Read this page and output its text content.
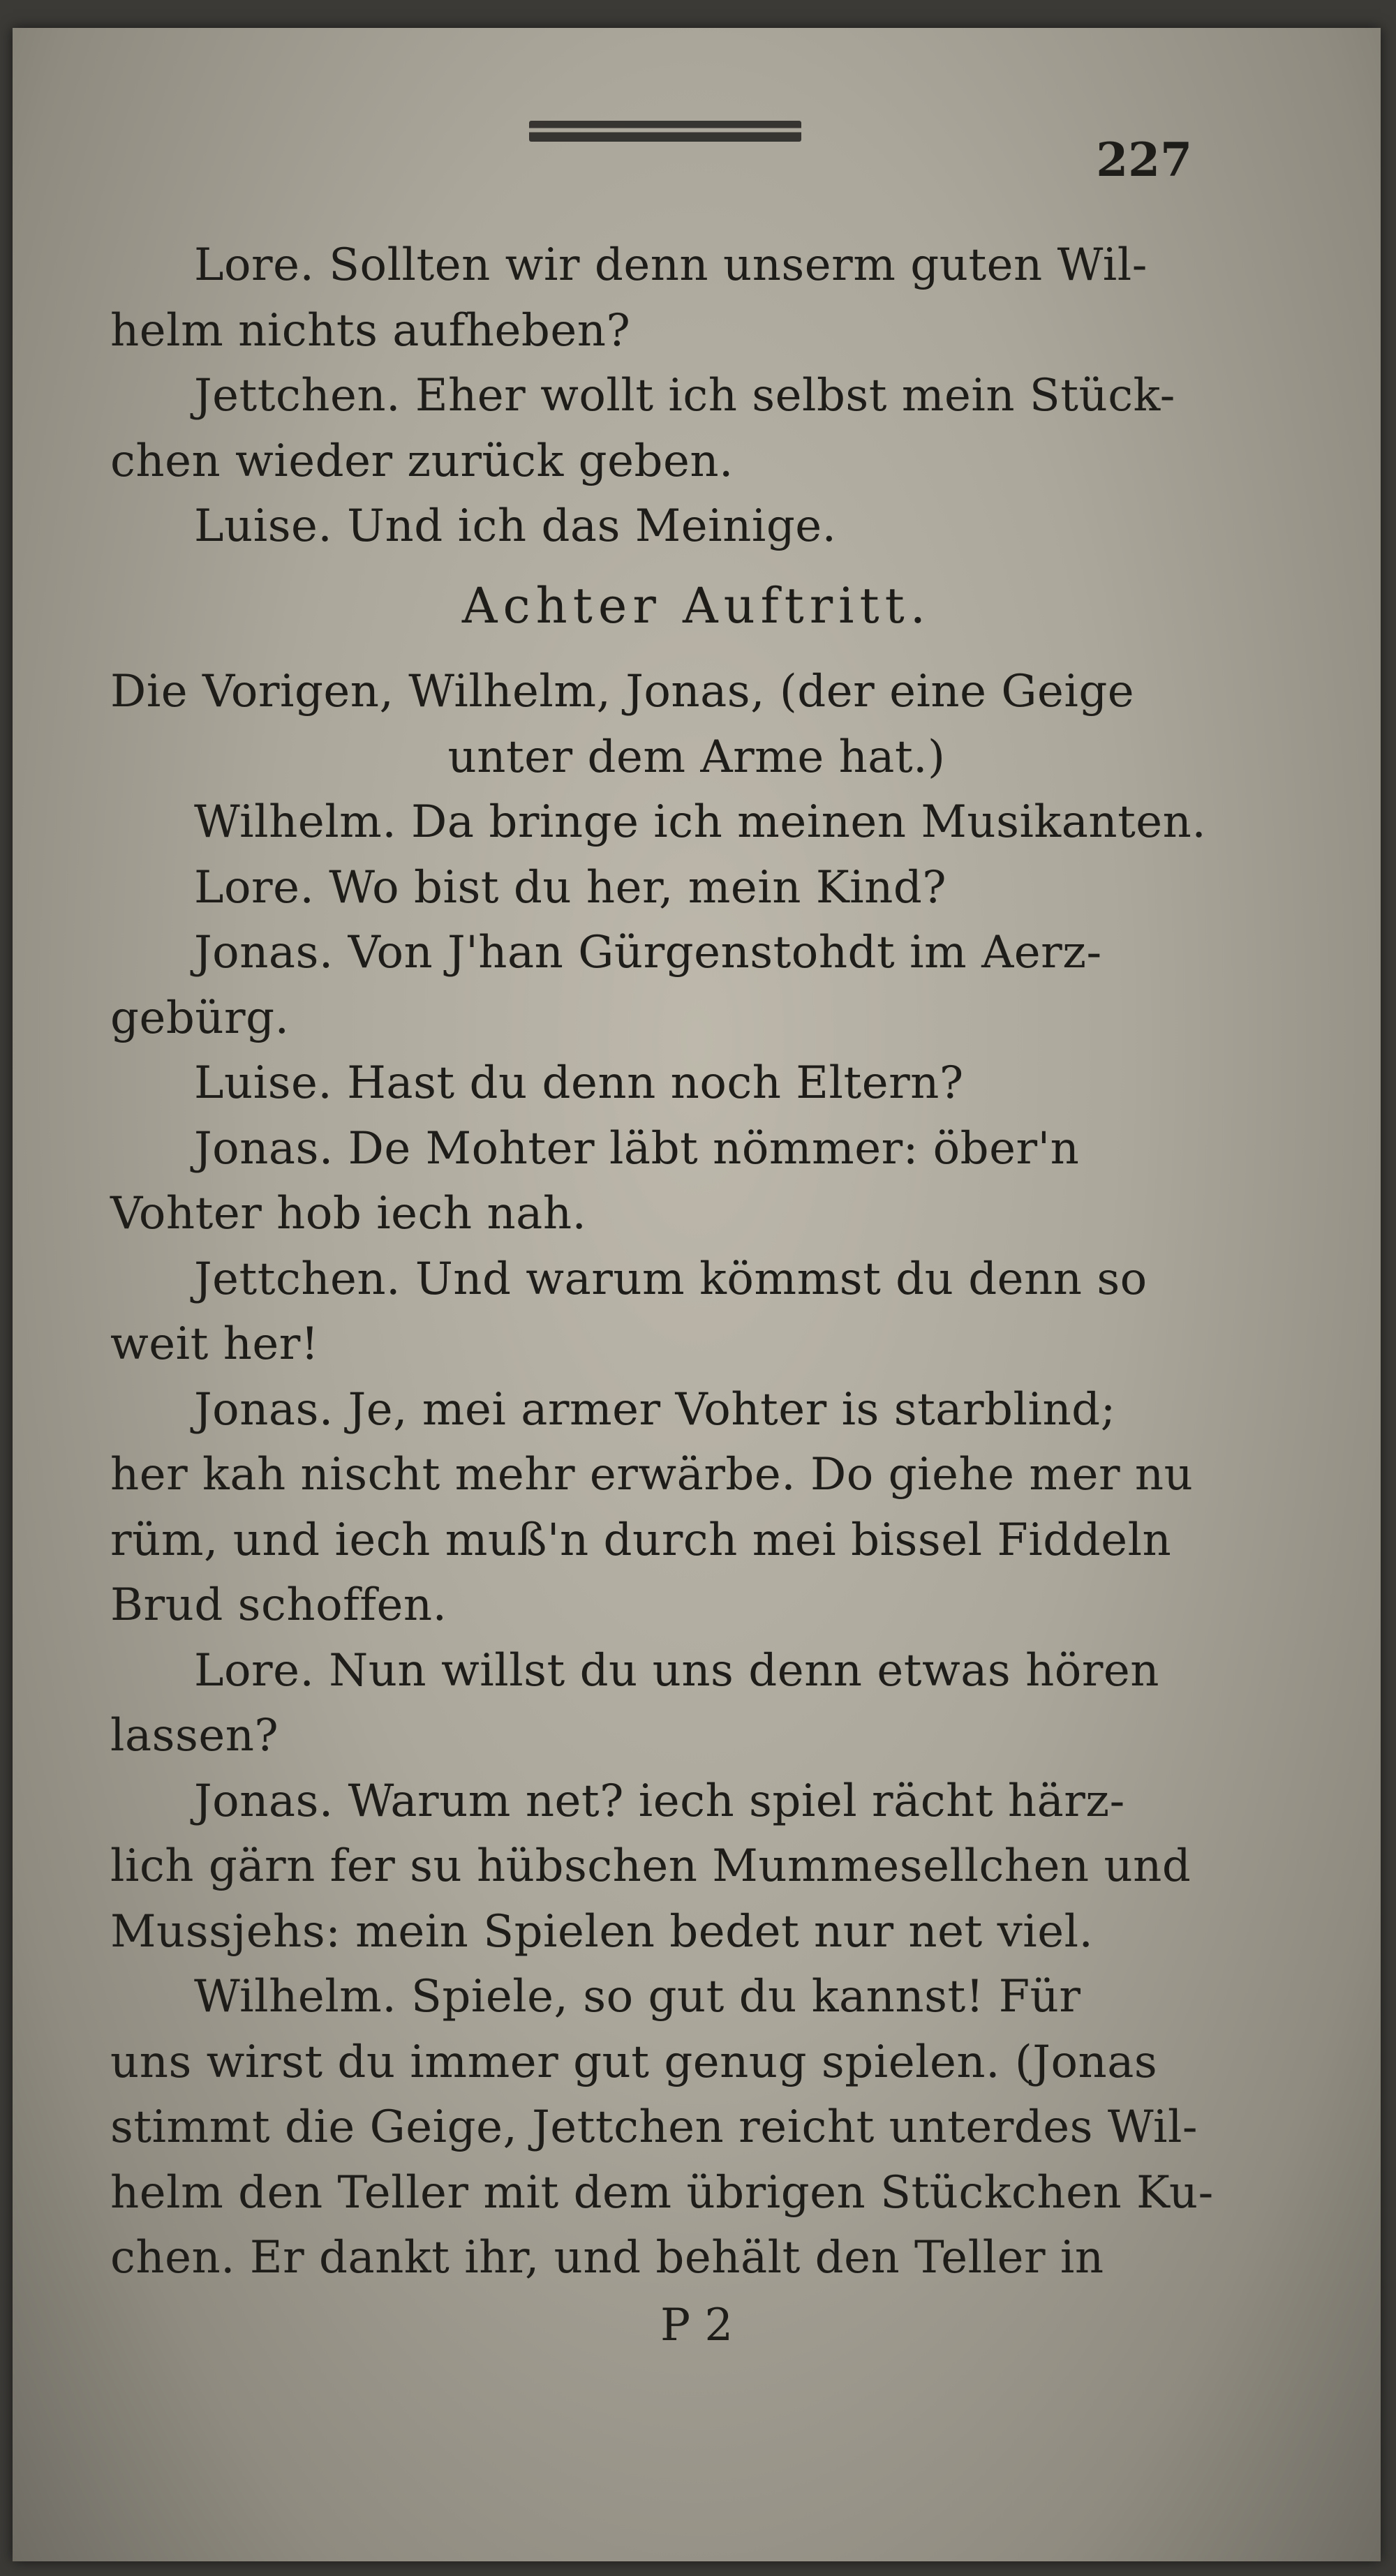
227
Lore. Sollten wir denn unserm guten Wil-
helm nichts aufheben?
Jettchen. Eher wollt ich selbst mein Stück-
chen wieder zurück geben.
Luise. Und ich das Meinige.
Achter Auftritt.
Die Vorigen, Wilhelm, Jonas, (der eine Geige
unter dem Arme hat.)
Wilhelm. Da bringe ich meinen Musikanten.
Lore. Wo bist du her, mein Kind?
Jonas. Von J'han Gürgenstohdt im Aerz-
gebürg.
Luise. Hast du denn noch Eltern?
Jonas. De Mohter läbt nömmer: öber'n
Vohter hob iech nah.
Jettchen. Und warum kömmst du denn so
weit her!
Jonas. Je, mei armer Vohter is starblind;
her kah nischt mehr erwärbe. Do giehe mer nu
rüm, und iech muß'n durch mei bissel Fiddeln
Brud schoffen.
Lore. Nun willst du uns denn etwas hören
lassen?
Jonas. Warum net? iech spiel rächt härz-
lich gärn fer su hübschen Mummesellchen und
Mussjehs: mein Spielen bedet nur net viel.
Wilhelm. Spiele, so gut du kannst! Für
uns wirst du immer gut genug spielen. (Jonas
stimmt die Geige, Jettchen reicht unterdes Wil-
helm den Teller mit dem übrigen Stückchen Ku-
chen. Er dankt ihr, und behält den Teller in
P 2
